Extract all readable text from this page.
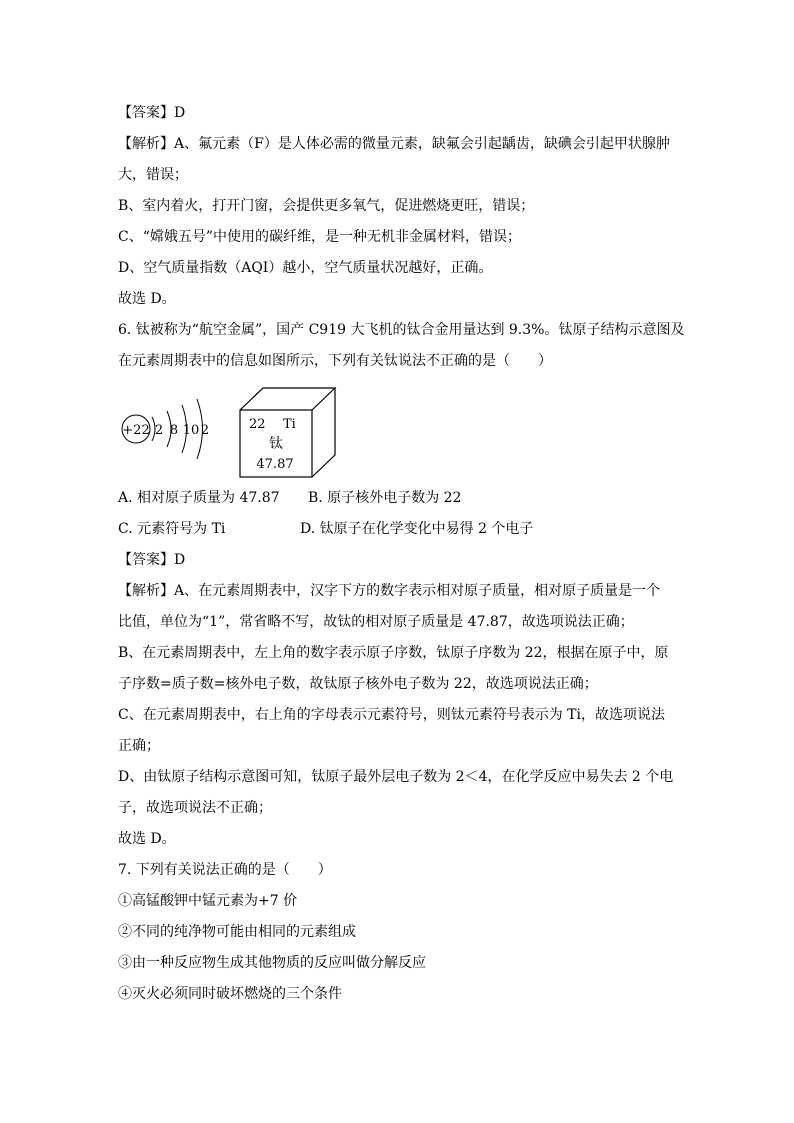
【答案】D
【解析】A、氟元素（F）是人体必需的微量元素，缺氟会引起龋齿，缺碘会引起甲状腺肿
大，错误；
B、室内着火，打开门窗，会提供更多氧气，促进燃烧更旺，错误；
C、“嫦娥五号”中使用的碳纤维，是一种无机非金属材料，错误；
D、空气质量指数（AQI）越小，空气质量状况越好，正确。
故选 D。
6. 钛被称为“航空金属”，国产 C919 大飞机的钛合金用量达到 9.3%。钛原子结构示意图及
在元素周期表中的信息如图所示，下列有关钛说法不正确的是（　　）
+22 2 8 10 2	22 Ti
钛
47.87
A. 相对原子质量为 47.87 B. 原子核外电子数为 22
C. 元素符号为 Ti	D. 钛原子在化学变化中易得 2 个电子
【答案】D
【解析】A、在元素周期表中，汉字下方的数字表示相对原子质量，相对原子质量是一个
比值，单位为“1”，常省略不写，故钛的相对原子质量是 47.87，故选项说法正确；
B、在元素周期表中，左上角的数字表示原子序数，钛原子序数为 22，根据在原子中，原
子序数=质子数=核外电子数，故钛原子核外电子数为 22，故选项说法正确；
C、在元素周期表中，右上角的字母表示元素符号，则钛元素符号表示为 Ti，故选项说法
正确；
D、由钛原子结构示意图可知，钛原子最外层电子数为 2＜4，在化学反应中易失去 2 个电
子，故选项说法不正确；
故选 D。
7. 下列有关说法正确的是（　　）
①高锰酸钾中锰元素为+7 价
②不同的纯净物可能由相同的元素组成
③由一种反应物生成其他物质的反应叫做分解反应
④灭火必须同时破坏燃烧的三个条件
